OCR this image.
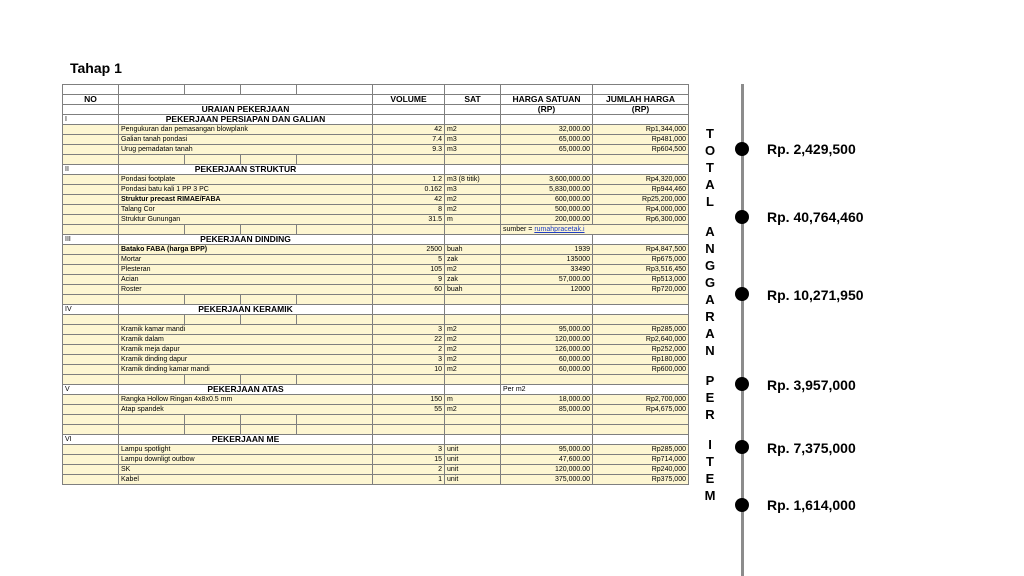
Tahap 1

NO					VOLUME	SAT	HARGA SATUAN	JUMLAH HARGA
	URAIAN PEKERJAAN						(RP)	(RP)
I	PEKERJAAN PERSIAPAN DAN GALIAN							
	Pengukuran dan pemasangan blowplank				42	m2	32,000.00	Rp1,344,000
	Galian tanah pondasi				7.4	m3	65,000.00	Rp481,000
	Urug pemadatan tanah				9.3	m3	65,000.00	Rp604,500

II	PEKERJAAN STRUKTUR							
	Pondasi footplate				1.2	m3 (8 titik)	3,600,000.00	Rp4,320,000
	Pondasi batu kali 1 PP 3 PC				0.162	m3	5,830,000.00	Rp944,460
	Struktur precast RIMAE/FABA				42	m2	600,000.00	Rp25,200,000
	Talang Cor				8	m2	500,000.00	Rp4,000,000
	Struktur Gunungan				31.5	m	200,000.00	Rp6,300,000
							sumber = rumahpracetak.i	
III	PEKERJAAN DINDING							
	Batako FABA (harga BPP)				2500	buah	1939	Rp4,847,500
	Mortar				5	zak	135000	Rp675,000
	Plesteran				105	m2	33490	Rp3,516,450
	Acian				9	zak	57,000.00	Rp513,000
	Roster				60	buah	12000	Rp720,000

IV	PEKERJAAN KERAMIK							

	Kramik kamar mandi				3	m2	95,000.00	Rp285,000
	Kramik dalam				22	m2	120,000.00	Rp2,640,000
	Kramik meja dapur				2	m2	126,000.00	Rp252,000
	Kramik dinding dapur				3	m2	60,000.00	Rp180,000
	Kramik dinding kamar mandi				10	m2	60,000.00	Rp600,000

V	PEKERJAAN ATAS						Per m2	
	Rangka Hollow Ringan 4x8x0.5 mm				150	m	18,000.00	Rp2,700,000
	Atap spandek				55	m2	85,000.00	Rp4,675,000

VI	PEKERJAAN ME							
	Lampu spotlight				3	unit	95,000.00	Rp285,000
	Lampu downligt outbow				15	unit	47,600.00	Rp714,000
	SK				2	unit	120,000.00	Rp240,000
	Kabel				1	unit	375,000.00	Rp375,000
T
O
T
A
L

A
N
G
G
A
R
A
N

P
E
R

I
T
E
M
Rp. 2,429,500
Rp. 40,764,460
Rp. 10,271,950
Rp. 3,957,000
Rp. 7,375,000
Rp. 1,614,000
